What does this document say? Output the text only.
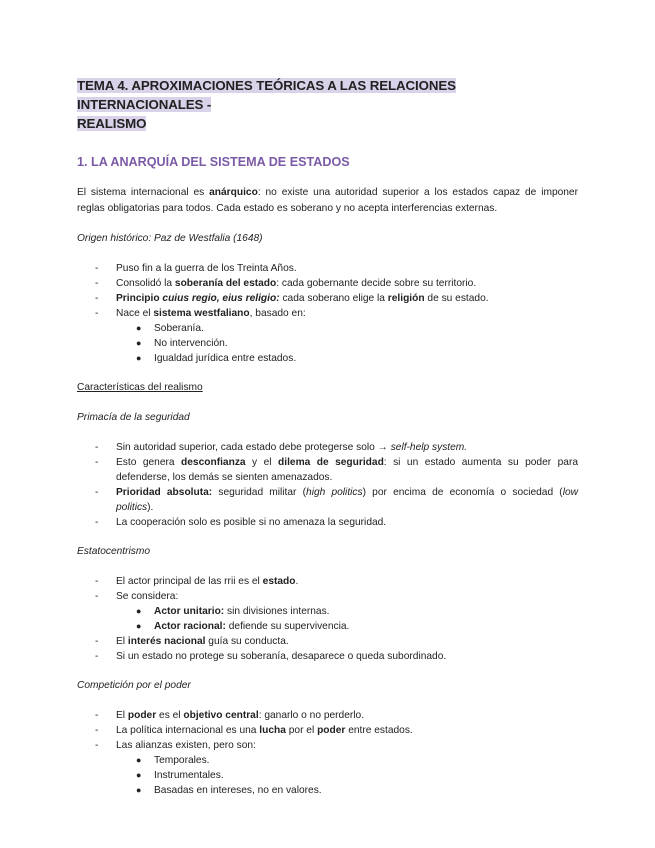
TEMA 4. APROXIMACIONES TEÓRICAS A LAS RELACIONES INTERNACIONALES -
REALISMO
1. LA ANARQUÍA DEL SISTEMA DE ESTADOS

El sistema internacional es anárquico: no existe una autoridad superior a los estados capaz de imponer reglas obligatorias para todos. Cada estado es soberano y no acepta interferencias externas.

Origen histórico: Paz de Westfalia (1648)

- Puso fin a la guerra de los Treinta Años.
- Consolidó la soberanía del estado: cada gobernante decide sobre su territorio.
- Principio cuius regio, eius religio: cada soberano elige la religión de su estado.
- Nace el sistema westfaliano, basado en:
● Soberanía.
● No intervención.
● Igualdad jurídica entre estados.

Características del realismo

Primacía de la seguridad

- Sin autoridad superior, cada estado debe protegerse solo → self-help system.
- Esto genera desconfianza y el dilema de seguridad: si un estado aumenta su poder para defenderse, los demás se sienten amenazados.
- Prioridad absoluta: seguridad militar (high politics) por encima de economía o sociedad (low politics).
- La cooperación solo es posible si no amenaza la seguridad.

Estatocentrismo

- El actor principal de las rrii es el estado.
- Se considera:
● Actor unitario: sin divisiones internas.
● Actor racional: defiende su supervivencia.
- El interés nacional guía su conducta.
- Si un estado no protege su soberanía, desaparece o queda subordinado.

Competición por el poder

- El poder es el objetivo central: ganarlo o no perderlo.
- La política internacional es una lucha por el poder entre estados.
- Las alianzas existen, pero son:
● Temporales.
● Instrumentales.
● Basadas en intereses, no en valores.
